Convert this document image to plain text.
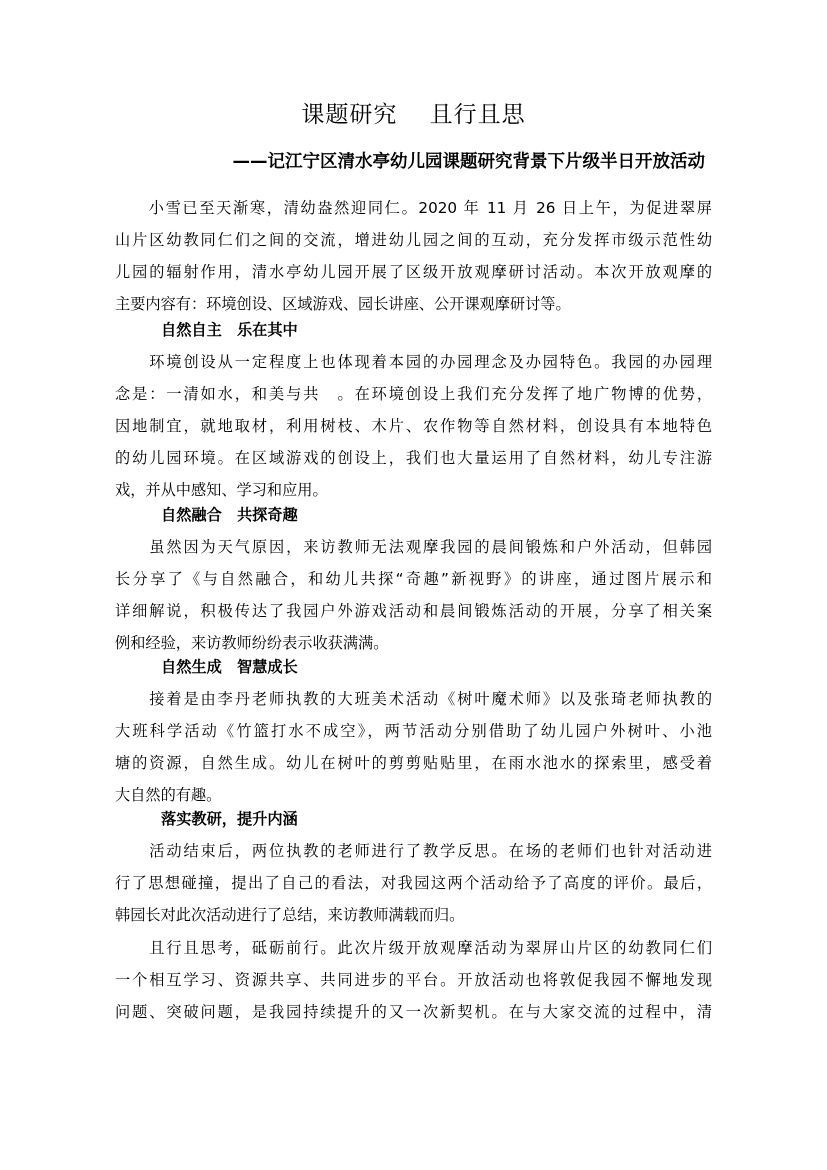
课题研究　 且行且思
——记江宁区清水亭幼儿园课题研究背景下片级半日开放活动
　　小雪已至天渐寒，清幼盎然迎同仁。2020 年 11 月 26 日上午，为促进翠屏
山片区幼教同仁们之间的交流，增进幼儿园之间的互动，充分发挥市级示范性幼
儿园的辐射作用，清水亭幼儿园开展了区级开放观摩研讨活动。本次开放观摩的
主要内容有：环境创设、区域游戏、园长讲座、公开课观摩研讨等。
自然自主　乐在其中
　　环境创设从一定程度上也体现着本园的办园理念及办园特色。我园的办园理
念是：一清如水，和美与共　。在环境创设上我们充分发挥了地广物博的优势，
因地制宜，就地取材，利用树枝、木片、农作物等自然材料，创设具有本地特色
的幼儿园环境。在区域游戏的创设上，我们也大量运用了自然材料，幼儿专注游
戏，并从中感知、学习和应用。
自然融合　共探奇趣
　　虽然因为天气原因，来访教师无法观摩我园的晨间锻炼和户外活动，但韩园
长分享了《与自然融合，和幼儿共探“奇趣”新视野》的讲座，通过图片展示和
详细解说，积极传达了我园户外游戏活动和晨间锻炼活动的开展，分享了相关案
例和经验，来访教师纷纷表示收获满满。
自然生成　智慧成长
　　接着是由李丹老师执教的大班美术活动《树叶魔术师》以及张琦老师执教的
大班科学活动《竹篮打水不成空》，两节活动分别借助了幼儿园户外树叶、小池
塘的资源，自然生成。幼儿在树叶的剪剪贴贴里，在雨水池水的探索里，感受着
大自然的有趣。
落实教研，提升内涵
　　活动结束后，两位执教的老师进行了教学反思。在场的老师们也针对活动进
行了思想碰撞，提出了自己的看法，对我园这两个活动给予了高度的评价。最后，
韩园长对此次活动进行了总结，来访教师满载而归。
　　且行且思考，砥砺前行。此次片级开放观摩活动为翠屏山片区的幼教同仁们
一个相互学习、资源共享、共同进步的平台。开放活动也将敦促我园不懈地发现
问题、突破问题，是我园持续提升的又一次新契机。在与大家交流的过程中，清
